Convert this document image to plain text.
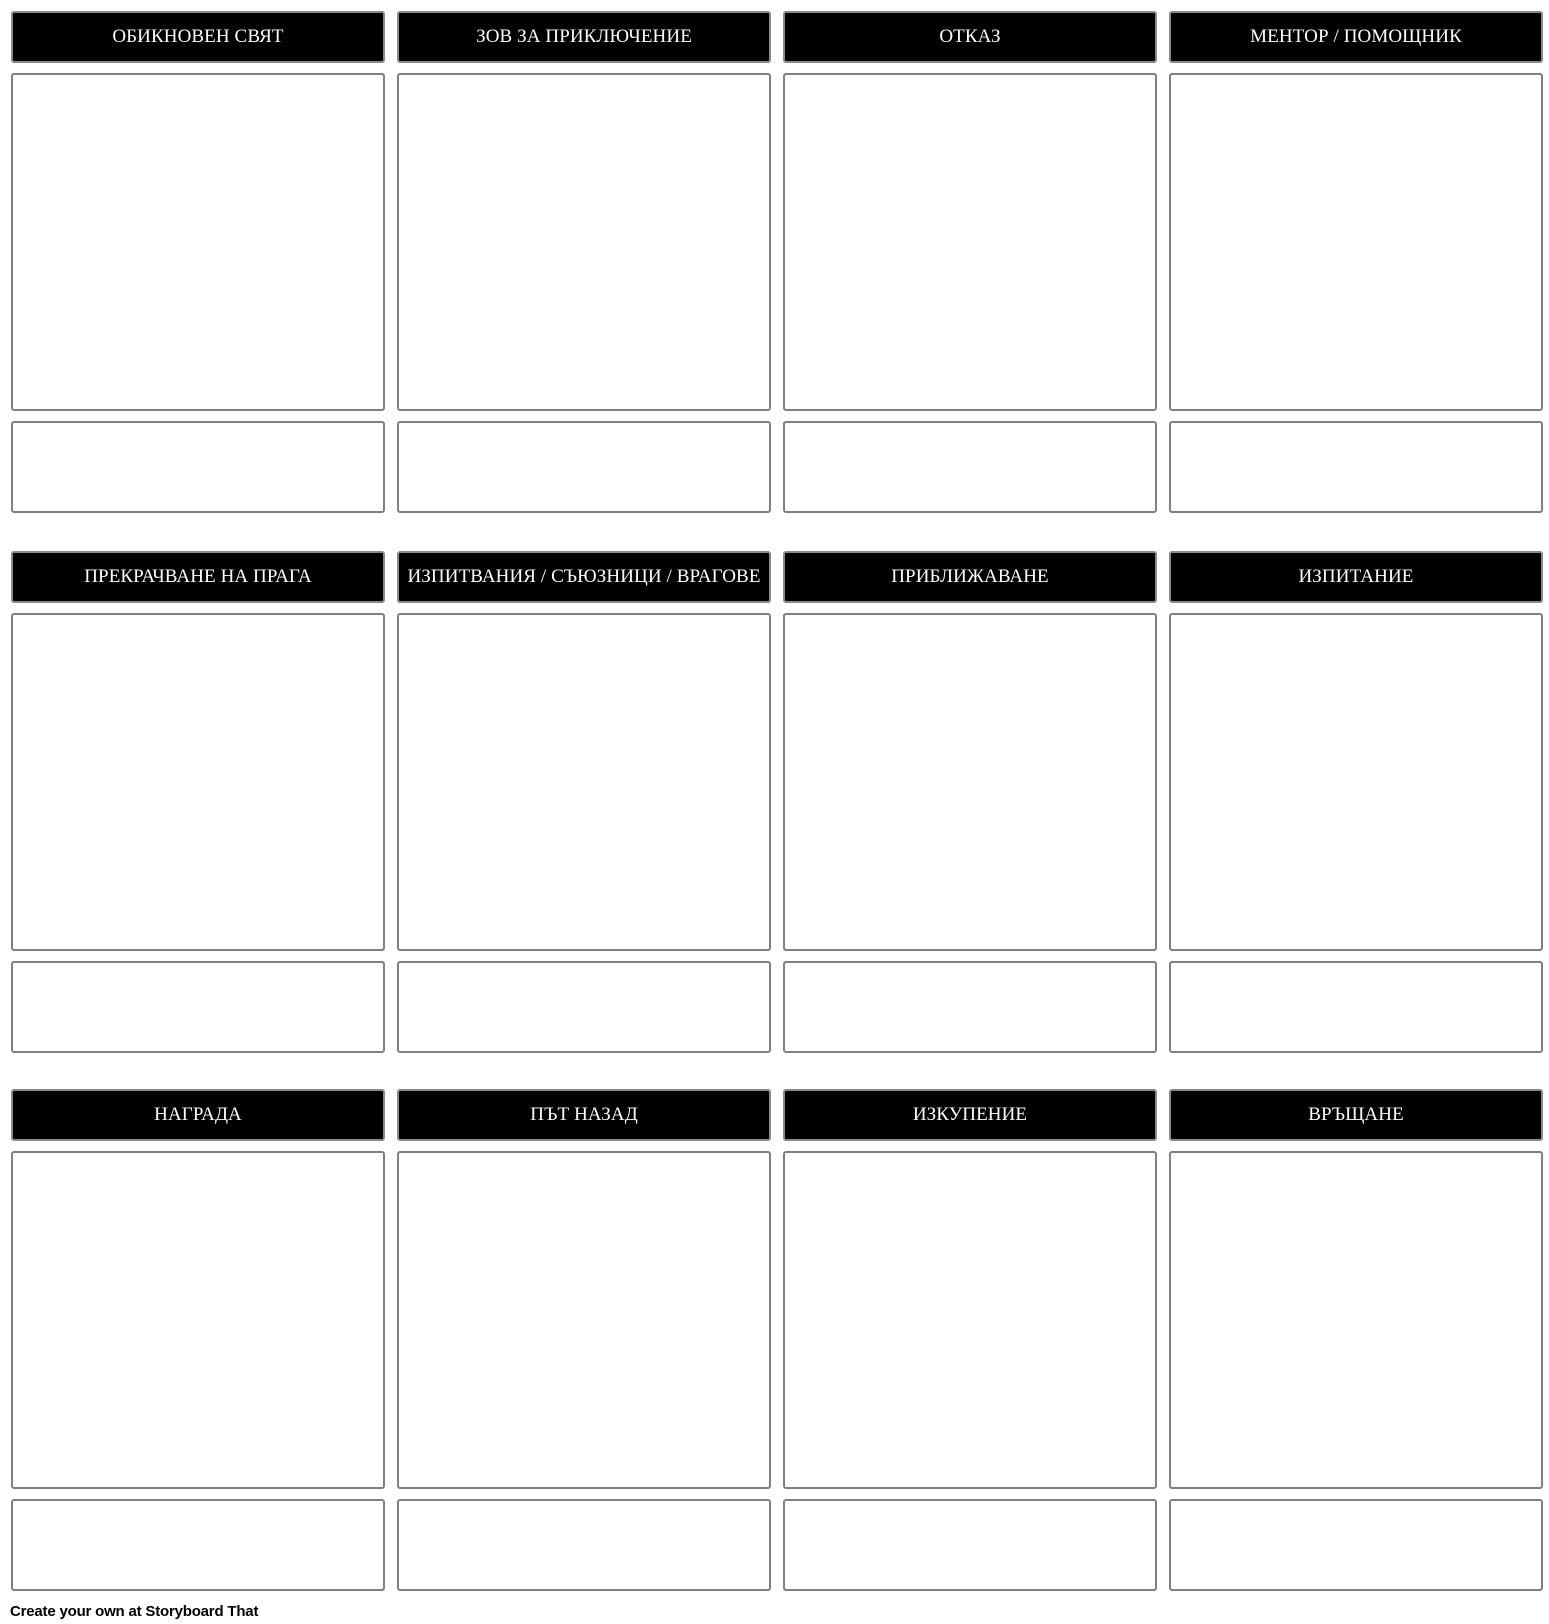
ОБИКНОВЕН СВЯТ	ЗОВ ЗА ПРИКЛЮЧЕНИЕ	ОТКАЗ	МЕНТОР / ПОМОЩНИК
ПРЕКРАЧВАНЕ НА ПРАГА	ИЗПИТВАНИЯ / СЪЮЗНИЦИ / ВРАГОВЕ	ПРИБЛИЖАВАНЕ	ИЗПИТАНИЕ
НАГРАДА	ПЪТ НАЗАД	ИЗКУПЕНИЕ	ВРЪЩАНЕ
Create your own at Storyboard That
